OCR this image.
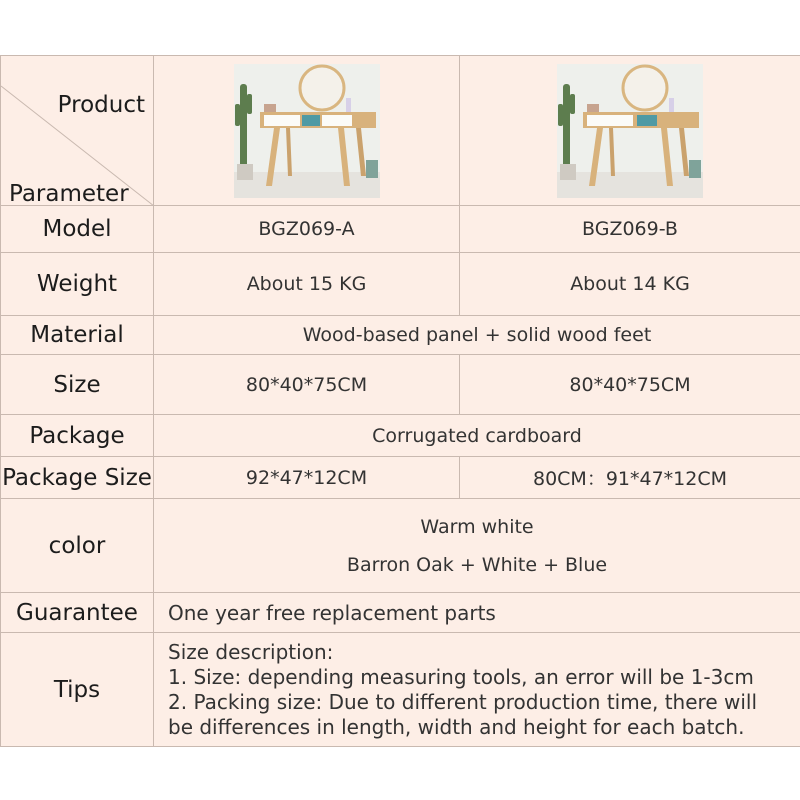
Product
Parameter

Model	BGZ069-A	BGZ069-B
Weight	About 15 KG	About 14 KG
Material	Wood-based panel + solid wood feet	
Size	80*40*75CM	80*40*75CM
Package	Corrugated cardboard	
Package Size	92*47*12CM	80CM：91*47*12CM
color	Warm white
Barron Oak + White + Blue	

Guarantee	One year free replacement parts	
Tips	Size description:
1. Size: depending measuring tools, an error will be 1-3cm
2. Packing size: Due to different production time, there will
be differences in length, width and height for each batch.	
